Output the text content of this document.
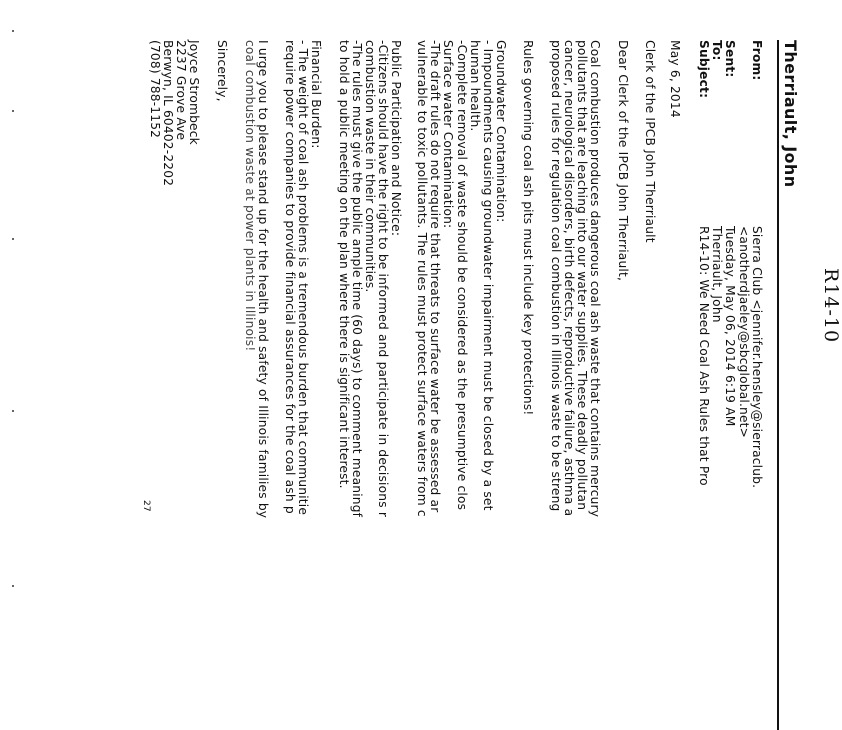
Therriault, John
R14-10
From:
Sierra Club <jennifer.hensley@sierraclub.
<anotherdjaeley@sbcglobal.net>
Sent:
Tuesday, May 06, 2014 6:19 AM
To:
Therriault, John
Subject:
R14-10: We Need Coal Ash Rules that Pro
May 6, 2014
Clerk of the IPCB John Therriault
Dear Clerk of the IPCB John Therriault,
Coal combustion produces dangerous coal ash waste that contains mercury
pollutants that are leaching into our water supplies. These deadly pollutan
cancer, neurological disorders, birth defects, reproductive failure, asthma a
proposed rules for regulation coal combustion in Illinois waste to be streng
Rules governing coal ash pits must include key protections!
Groundwater Contamination:
- Impoundments causing groundwater impairment must be closed by a set
human health.
-Complete removal of waste should be considered as the presumptive clos
Surface water Contamination:
-The draft rules do not require that threats to surface water be assessed ar
vulnerable to toxic pollutants. The rules must protect surface waters from c
Public Participation and Notice:
-Citizens should have the right to be informed and participate in decisions r
combustion waste in their communities.
-The rules must give the public ample time (60 days) to comment meaningf
to hold a public meeting on the plan where there is significant interest.
Financial Burden:
- The weight of coal ash problems is a tremendous burden that communitie
require power companies to provide financial assurances for the coal ash p
I urge you to please stand up for the health and safety of Illinois families by
coal combustion waste at power plants in Illinois!
Sincerely,
Joyce Strombeck
2237 Grove Ave
Berwyn, IL 60402-2202
(708) 788-1152
27
